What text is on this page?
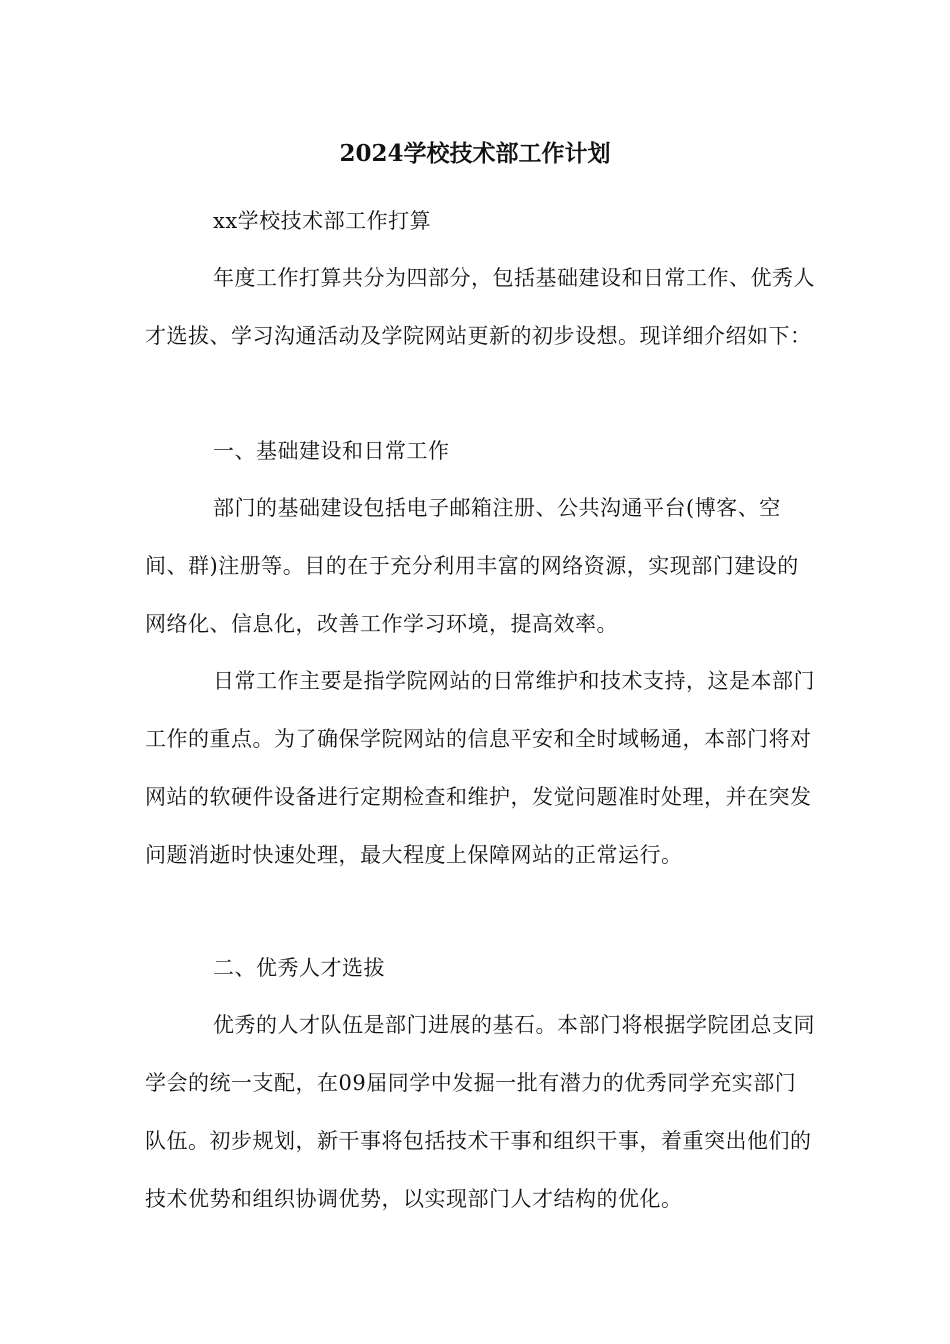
2024学校技术部工作计划

xx学校技术部工作打算

年度工作打算共分为四部分，包括基础建设和日常工作、优秀人才选拔、学习沟通活动及学院网站更新的初步设想。现详细介绍如下：

一、基础建设和日常工作

部门的基础建设包括电子邮箱注册、公共沟通平台(博客、空间、群)注册等。目的在于充分利用丰富的网络资源，实现部门建设的网络化、信息化，改善工作学习环境，提高效率。

日常工作主要是指学院网站的日常维护和技术支持，这是本部门工作的重点。为了确保学院网站的信息平安和全时域畅通，本部门将对网站的软硬件设备进行定期检查和维护，发觉问题准时处理，并在突发问题消逝时快速处理，最大程度上保障网站的正常运行。

二、优秀人才选拔

优秀的人才队伍是部门进展的基石。本部门将根据学院团总支同学会的统一支配，在09届同学中发掘一批有潜力的优秀同学充实部门队伍。初步规划，新干事将包括技术干事和组织干事，着重突出他们的技术优势和组织协调优势，以实现部门人才结构的优化。
